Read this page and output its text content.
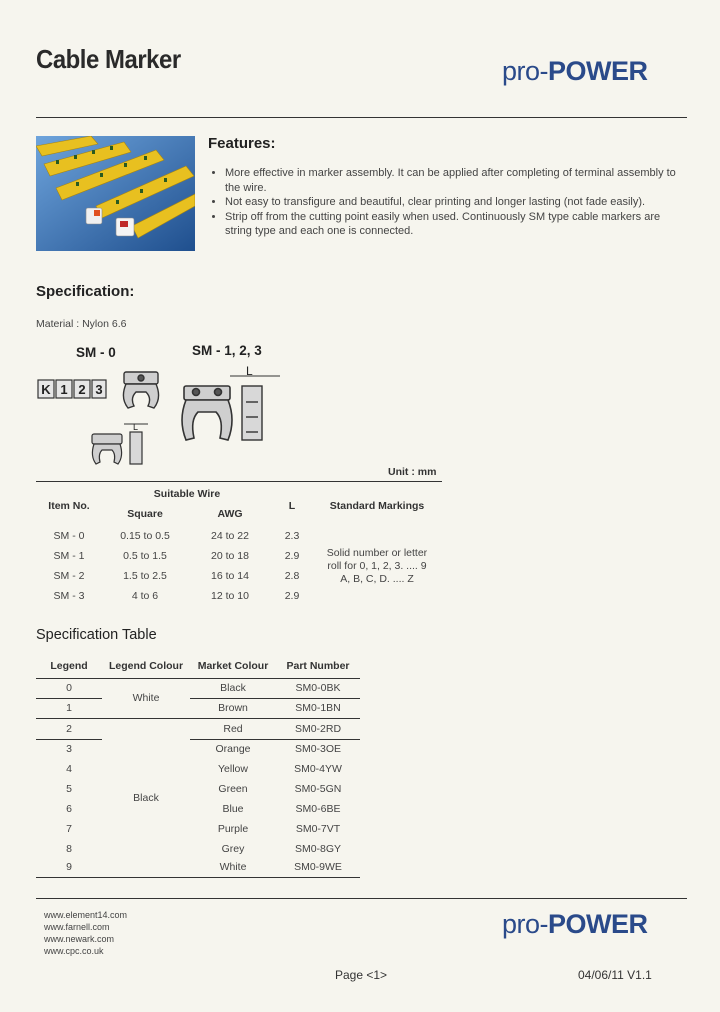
Cable Marker	pro-POWER
Features:
• More effective in marker assembly. It can be applied after completing of terminal assembly to the wire.
• Not easy to transfigure and beautiful, clear printing and longer lasting (not fade easily).
• Strip off from the cutting point easily when used. Continuously SM type cable markers are string type and each one is connected.
Specification:
Material : Nylon 6.6
SM - 0	SM - 1, 2, 3
K 1 2 3
L
L
Unit : mm
Item No.	Suitable Wire		L	Standard Markings
	Square	AWG		
SM - 0	0.15 to 0.5	24 to 22	2.3	Solid number or letter
roll for 0, 1, 2, 3. .... 9
A, B, C, D. .... Z

SM - 1	0.5 to 1.5	20 to 18	2.9	
SM - 2	1.5 to 2.5	16 to 14	2.8	
SM - 3	4 to 6	12 to 10	2.9	
Specification Table
Legend	Legend Colour	Market Colour	Part Number
0	White	Black	SM0-0BK
1		Brown	SM0-1BN
2	Black	Red	SM0-2RD
3		Orange	SM0-3OE
4		Yellow	SM0-4YW
5		Green	SM0-5GN
6		Blue	SM0-6BE
7		Purple	SM0-7VT
8		Grey	SM0-8GY
9		White	SM0-9WE
www.element14.com
www.farnell.com
www.newark.com
www.cpc.co.uk
pro-POWER
Page <1>	04/06/11 V1.1
